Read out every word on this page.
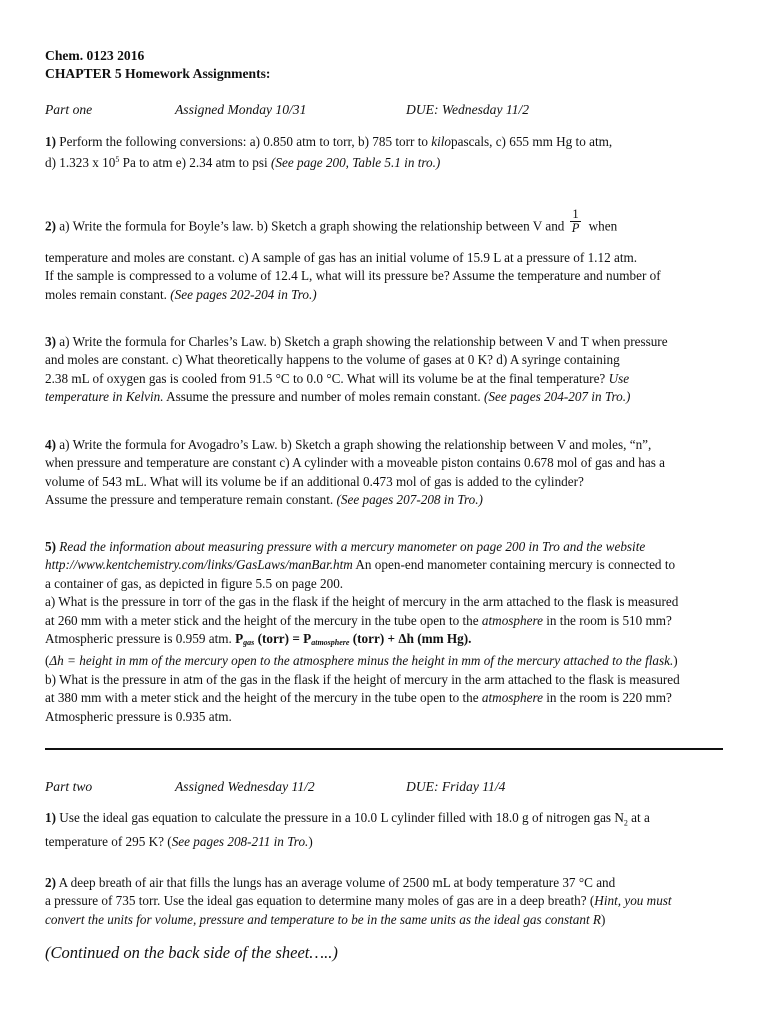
Chem. 0123 2016

CHAPTER 5 Homework Assignments:

Part one	Assigned Monday 10/31	DUE: Wednesday 11/2

1) Perform the following conversions: a) 0.850 atm to torr, b) 785 torr to kilopascals, c) 655 mm Hg to atm,

d) 1.323 x $10^5$ Pa to atm e) 2.34 atm to psi (See page 200, Table 5.1 in tro.)

2) a) Write the formula for Boyle’s law. b) Sketch a graph showing the relationship between V and $\frac{1}{P}$ when

temperature and moles are constant. c) A sample of gas has an initial volume of 15.9 L at a pressure of 1.12 atm.

If the sample is compressed to a volume of 12.4 L, what will its pressure be? Assume the temperature and number of

moles remain constant. (See pages 202-204 in Tro.)

3) a) Write the formula for Charles’s Law. b) Sketch a graph showing the relationship between V and T when pressure

and moles are constant. c) What theoretically happens to the volume of gases at 0 K? d) A syringe containing

2.38 mL of oxygen gas is cooled from 91.5 °C to 0.0 °C. What will its volume be at the final temperature? Use

temperature in Kelvin. Assume the pressure and number of moles remain constant. (See pages 204-207 in Tro.)

4) a) Write the formula for Avogadro’s Law. b) Sketch a graph showing the relationship between V and moles, “n”,

when pressure and temperature are constant c) A cylinder with a moveable piston contains 0.678 mol of gas and has a

volume of 543 mL. What will its volume be if an additional 0.473 mol of gas is added to the cylinder?

Assume the pressure and temperature remain constant. (See pages 207-208 in Tro.)

5) Read the information about measuring pressure with a mercury manometer on page 200 in Tro and the website

http://www.kentchemistry.com/links/GasLaws/manBar.htm An open-end manometer containing mercury is connected to

a container of gas, as depicted in figure 5.5 on page 200.

a) What is the pressure in torr of the gas in the flask if the height of mercury in the arm attached to the flask is measured

at 260 mm with a meter stick and the height of the mercury in the tube open to the atmosphere in the room is 510 mm?

Atmospheric pressure is 0.959 atm. $P_{gas}$ (torr) = $P_{atmosphere}$ (torr) + Δh (mm Hg).

(Δh = height in mm of the mercury open to the atmosphere minus the height in mm of the mercury attached to the flask.)

b) What is the pressure in atm of the gas in the flask if the height of mercury in the arm attached to the flask is measured

at 380 mm with a meter stick and the height of the mercury in the tube open to the atmosphere in the room is 220 mm?

Atmospheric pressure is 0.935 atm.

Part two	Assigned Wednesday 11/2	DUE: Friday 11/4

1) Use the ideal gas equation to calculate the pressure in a 10.0 L cylinder filled with 18.0 g of nitrogen gas $N_2$ at a

temperature of 295 K? (See pages 208-211 in Tro.)

2) A deep breath of air that fills the lungs has an average volume of 2500 mL at body temperature 37 °C and

a pressure of 735 torr. Use the ideal gas equation to determine many moles of gas are in a deep breath? (Hint, you must

convert the units for volume, pressure and temperature to be in the same units as the ideal gas constant R)

(Continued on the back side of the sheet…..)
